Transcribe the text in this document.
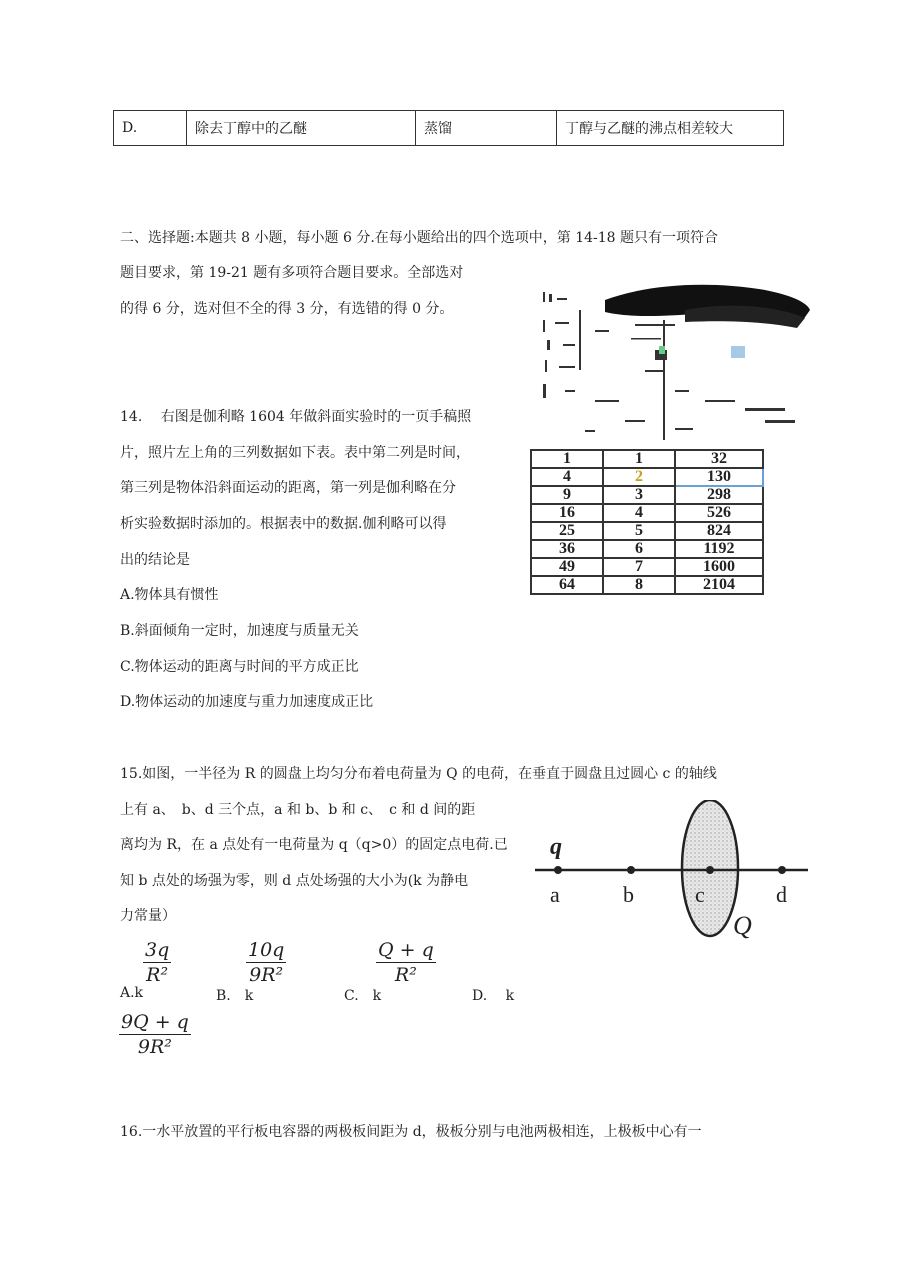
D.	除去丁醇中的乙醚	蒸馏	丁醇与乙醚的沸点相差较大
二、选择题:本题共 8 小题，每小题 6 分.在每小题给出的四个选项中，第 14-18 题只有一项符合
题目要求，第 19-21 题有多项符合题目要求。全部选对
的得 6 分，选对但不全的得 3 分，有选错的得 0 分。
1	1	32
4	2	130
9	3	298
16	4	526
25	5	824
36	6	1192
49	7	1600
64	8	2104
14.　 右图是伽利略 1604 年做斜面实验时的一页手稿照
片，照片左上角的三列数据如下表。表中第二列是时间，
第三列是物体沿斜面运动的距离，第一列是伽利略在分
析实验数据时添加的。根据表中的数据.伽利略可以得
出的结论是
A.物体具有惯性
B.斜面倾角一定时，加速度与质量无关
C.物体运动的距离与时间的平方成正比
D.物体运动的加速度与重力加速度成正比
15.如图，一半径为 R 的圆盘上均匀分布着电荷量为 Q 的电荷，在垂直于圆盘且过圆心 c 的轴线
上有 a、　b、d 三个点，a 和 b、b 和 c、　c 和 d 间的距
离均为 R，在 a 点处有一电荷量为 q（q>0）的固定点电荷.已
知 b 点处的场强为零，则 d 点处场强的大小为(k 为静电
力常量）
q
a	b	c	d
Q
3q
R²
A.k
10q
9R²
B.　k
Q + q
R²
C.　k	D.　 k
9Q + q
9R²
16.一水平放置的平行板电容器的两极板间距为 d，极板分别与电池两极相连，上极板中心有一
